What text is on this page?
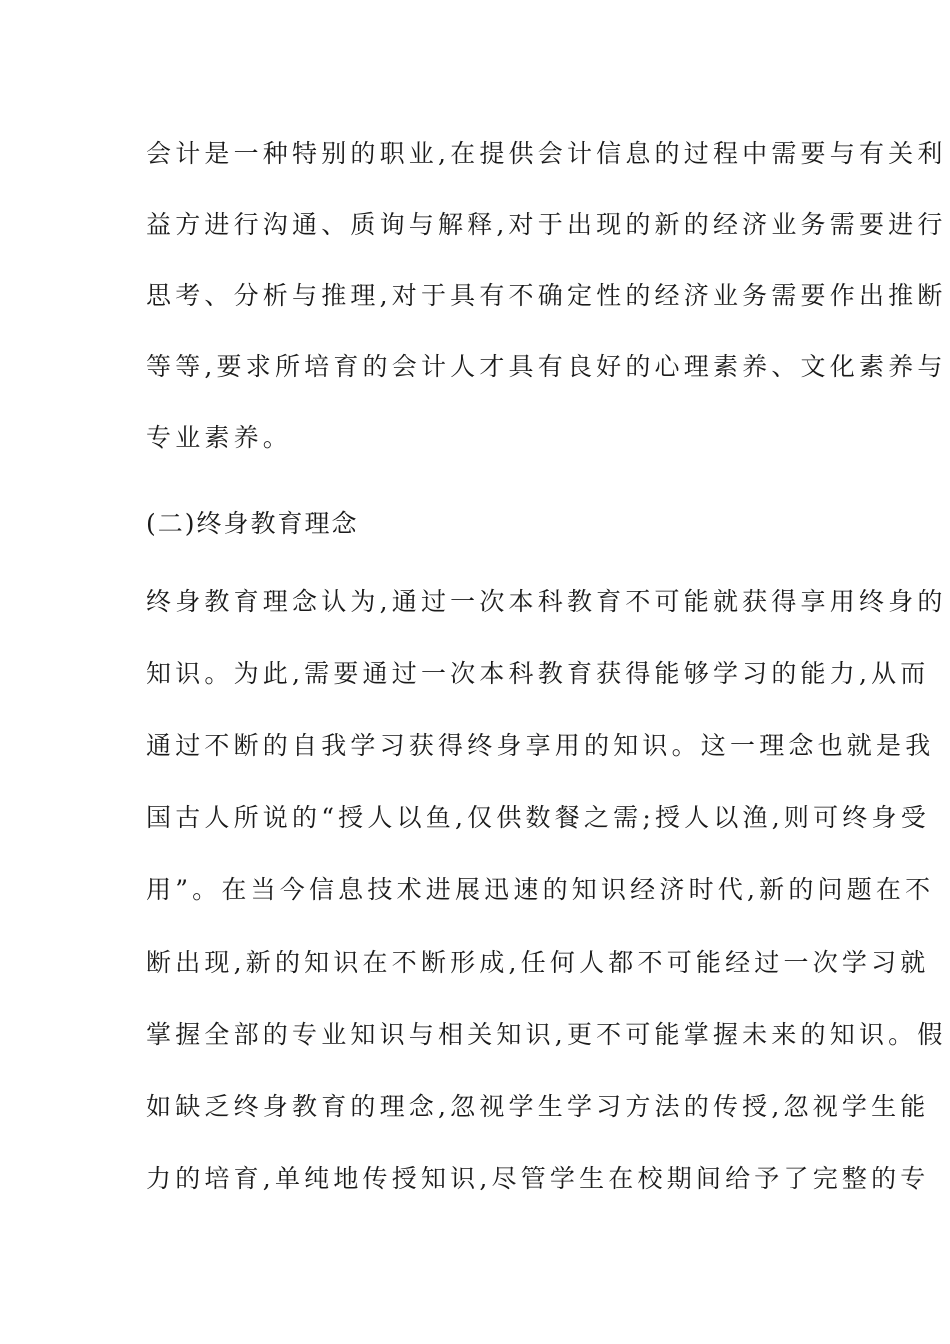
会计是一种特别的职业,在提供会计信息的过程中需要与有关利
益方进行沟通、质询与解释,对于出现的新的经济业务需要进行
思考、分析与推理,对于具有不确定性的经济业务需要作出推断
等等,要求所培育的会计人才具有良好的心理素养、文化素养与
专业素养。
(二)终身教育理念
终身教育理念认为,通过一次本科教育不可能就获得享用终身的
知识。为此,需要通过一次本科教育获得能够学习的能力,从而
通过不断的自我学习获得终身享用的知识。这一理念也就是我
国古人所说的“授人以鱼,仅供数餐之需;授人以渔,则可终身受
用”。在当今信息技术进展迅速的知识经济时代,新的问题在不
断出现,新的知识在不断形成,任何人都不可能经过一次学习就
掌握全部的专业知识与相关知识,更不可能掌握未来的知识。假
如缺乏终身教育的理念,忽视学生学习方法的传授,忽视学生能
力的培育,单纯地传授知识,尽管学生在校期间给予了完整的专
